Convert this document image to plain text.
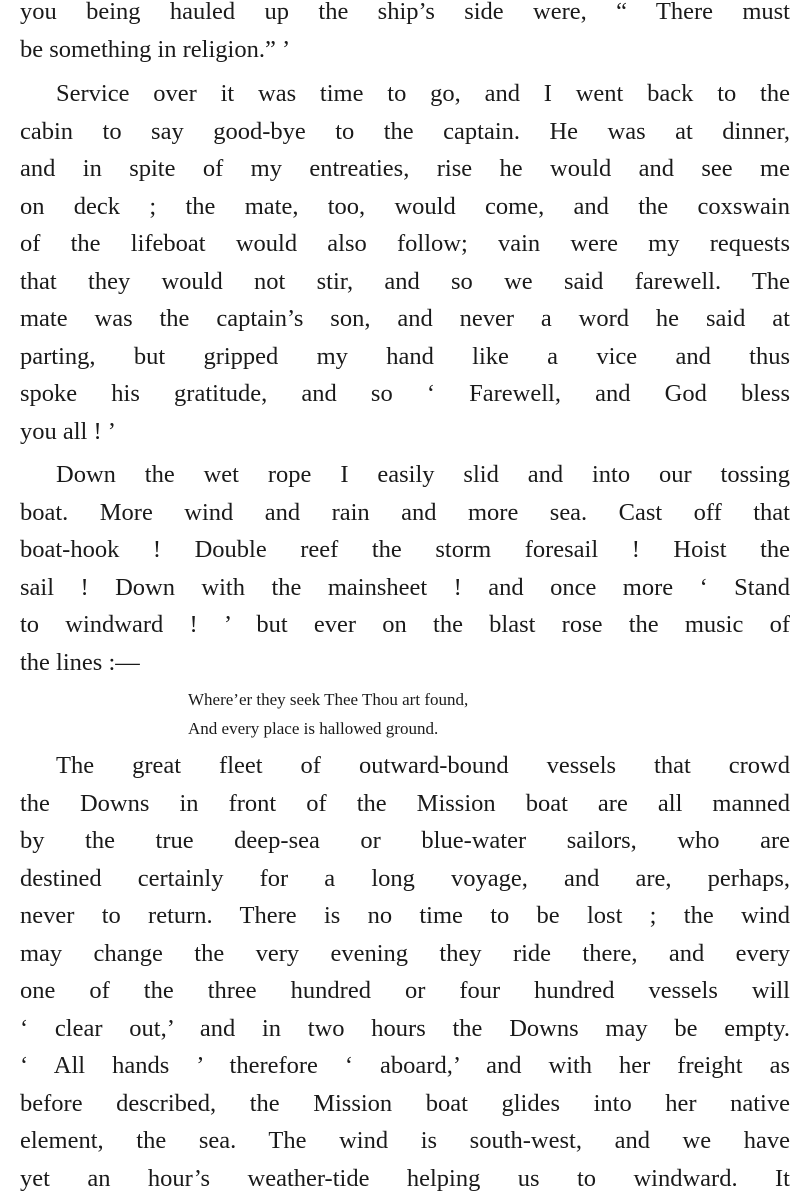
you being hauled up the ship’s side were, “ There must
be something in religion.” ’
Service over it was time to go, and I went back to the
cabin to say good-bye to the captain. He was at dinner,
and in spite of my entreaties, rise he would and see me
on deck ; the mate, too, would come, and the coxswain
of the lifeboat would also follow; vain were my requests
that they would not stir, and so we said farewell. The
mate was the captain’s son, and never a word he said at
parting, but gripped my hand like a vice and thus
spoke his gratitude, and so ‘ Farewell, and God bless
you all ! ’
Down the wet rope I easily slid and into our tossing
boat. More wind and rain and more sea. Cast off that
boat-hook ! Double reef the storm foresail ! Hoist the
sail ! Down with the mainsheet ! and once more ‘ Stand
to windward ! ’ but ever on the blast rose the music of
the lines :—
Where’er they seek Thee Thou art found,
And every place is hallowed ground.
The great fleet of outward-bound vessels that crowd
the Downs in front of the Mission boat are all manned
by the true deep-sea or blue-water sailors, who are
destined certainly for a long voyage, and are, perhaps,
never to return. There is no time to be lost ; the wind
may change the very evening they ride there, and every
one of the three hundred or four hundred vessels will
‘ clear out,’ and in two hours the Downs may be empty.
‘ All hands ’ therefore ‘ aboard,’ and with her freight as
before described, the Mission boat glides into her native
element, the sea. The wind is south-west, and we have
yet an hour’s weather-tide helping us to windward. It
